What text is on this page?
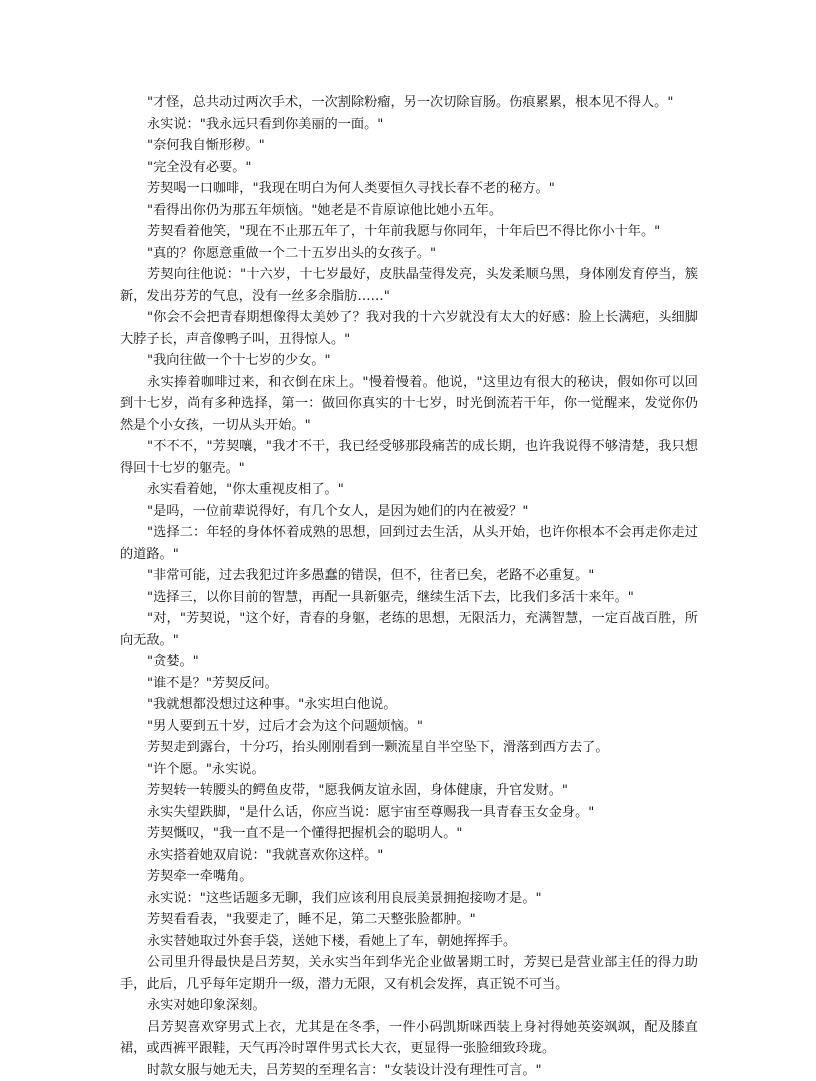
"才怪，总共动过两次手术，一次割除粉瘤，另一次切除盲肠。伤痕累累，根本见不得人。"

永实说："我永远只看到你美丽的一面。"

"奈何我自惭形秽。"

"完全没有必要。"

芳契喝一口咖啡，"我现在明白为何人类要恒久寻找长春不老的秘方。"

"看得出你仍为那五年烦恼。"她老是不肯原谅他比她小五年。

芳契看着他笑，"现在不止那五年了，十年前我愿与你同年，十年后巴不得比你小十年。"

"真的？你愿意重做一个二十五岁出头的女孩子。"

芳契向往他说："十六岁，十七岁最好，皮肤晶莹得发亮，头发柔顺乌黑，身体刚发育停当，簇新，发出芬芳的气息，没有一丝多余脂肪……"

"你会不会把青春期想像得太美妙了？我对我的十六岁就没有太大的好感：脸上长满疤，头细脚大脖子长，声音像鸭子叫，丑得惊人。"

"我向往做一个十七岁的少女。"

永实捧着咖啡过来，和衣倒在床上。"慢着慢着。他说，"这里边有很大的秘诀，假如你可以回到十七岁，尚有多种选择，第一：做回你真实的十七岁，时光倒流若干年，你一觉醒来，发觉你仍然是个小女孩，一切从头开始。"

"不不不，"芳契嚷，"我才不干，我已经受够那段痛苦的成长期，也许我说得不够清楚，我只想得回十七岁的躯壳。"

永实看着她，"你太重视皮相了。"

"是吗，一位前辈说得好，有几个女人，是因为她们的内在被爱？"

"选择二：年轻的身体怀着成熟的思想，回到过去生活，从头开始，也许你根本不会再走你走过的道路。"

"非常可能，过去我犯过许多愚蠢的错误，但不，往者已矣，老路不必重复。"

"选择三，以你目前的智慧，再配一具新躯壳，继续生活下去，比我们多活十来年。"

"对，"芳契说，"这个好，青春的身躯，老练的思想，无限活力，充满智慧，一定百战百胜，所向无敌。"

"贪婪。"

"谁不是？"芳契反问。

"我就想都没想过这种事。"永实坦白他说。

"男人要到五十岁，过后才会为这个问题烦恼。"

芳契走到露台，十分巧，抬头刚刚看到一颗流星自半空坠下，滑落到西方去了。

"许个愿。"永实说。

芳契转一转腰头的鳄鱼皮带，"愿我俩友谊永固，身体健康，升官发财。"

永实失望跌脚，"是什么话，你应当说：愿宇宙至尊赐我一具青春玉女金身。"

芳契慨叹，"我一直不是一个懂得把握机会的聪明人。"

永实搭着她双肩说："我就喜欢你这样。"

芳契牵一牵嘴角。

永实说："这些话题多无聊，我们应该利用良辰美景拥抱接吻才是。"

芳契看看表，"我要走了，睡不足，第二天整张脸都肿。"

永实替她取过外套手袋，送她下楼，看她上了车，朝她挥挥手。

公司里升得最快是吕芳契，关永实当年到华光企业做暑期工时，芳契已是营业部主任的得力助手，此后，几乎每年定期升一级，潜力无限，又有机会发挥，真正锐不可当。

永实对她印象深刻。

吕芳契喜欢穿男式上衣，尤其是在冬季，一件小码凯斯咪西装上身衬得她英姿飒飒，配及膝直裙，或西裤平跟鞋，天气再冷时罩件男式长大衣，更显得一张脸细致玲珑。

时款女服与她无夫，吕芳契的至理名言："女装设计没有理性可言。"
